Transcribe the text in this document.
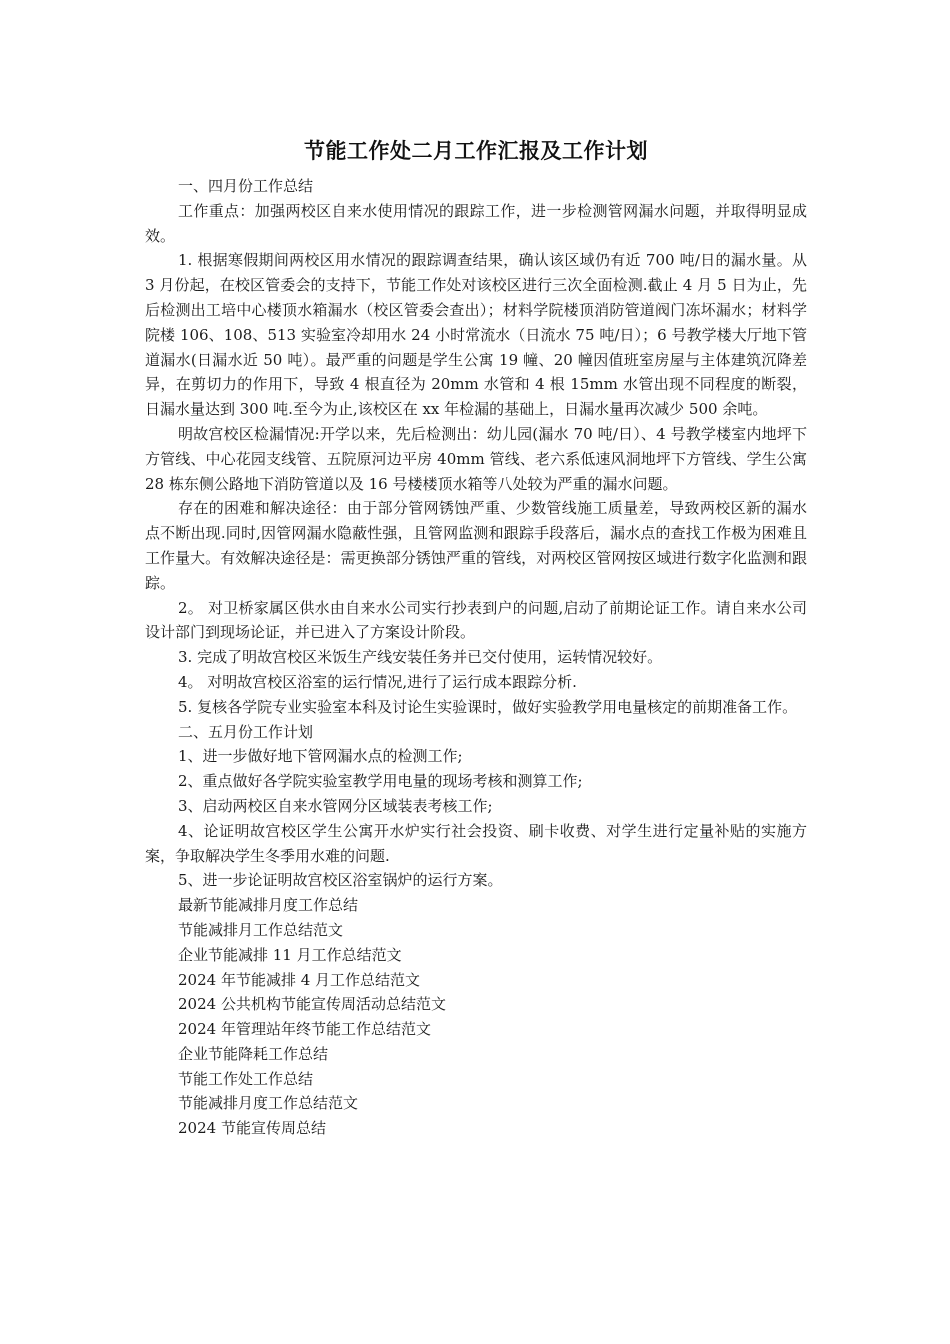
节能工作处二月工作汇报及工作计划

一、四月份工作总结

工作重点：加强两校区自来水使用情况的跟踪工作，进一步检测管网漏水问题，并取得明显成效。

1. 根据寒假期间两校区用水情况的跟踪调查结果，确认该区域仍有近 700 吨/日的漏水量。从 3 月份起，在校区管委会的支持下，节能工作处对该校区进行三次全面检测.截止 4 月 5 日为止，先后检测出工培中心楼顶水箱漏水（校区管委会查出）；材料学院楼顶消防管道阀门冻坏漏水；材料学院楼 106、108、513 实验室冷却用水 24 小时常流水（日流水 75 吨/日）；6 号教学楼大厅地下管道漏水(日漏水近 50 吨）。最严重的问题是学生公寓 19 幢、20 幢因值班室房屋与主体建筑沉降差异，在剪切力的作用下，导致 4 根直径为 20mm 水管和 4 根 15mm 水管出现不同程度的断裂，日漏水量达到 300 吨.至今为止,该校区在 xx 年检漏的基础上，日漏水量再次减少 500 余吨。

明故宫校区检漏情况:开学以来，先后检测出：幼儿园(漏水 70 吨/日）、4 号教学楼室内地坪下方管线、中心花园支线管、五院原河边平房 40mm 管线、老六系低速风洞地坪下方管线、学生公寓 28 栋东侧公路地下消防管道以及 16 号楼楼顶水箱等八处较为严重的漏水问题。

存在的困难和解决途径：由于部分管网锈蚀严重、少数管线施工质量差，导致两校区新的漏水点不断出现.同时,因管网漏水隐蔽性强，且管网监测和跟踪手段落后，漏水点的查找工作极为困难且工作量大。有效解决途径是：需更换部分锈蚀严重的管线，对两校区管网按区域进行数字化监测和跟踪。

2。 对卫桥家属区供水由自来水公司实行抄表到户的问题,启动了前期论证工作。请自来水公司设计部门到现场论证，并已进入了方案设计阶段。

3. 完成了明故宫校区米饭生产线安装任务并已交付使用，运转情况较好。

4。 对明故宫校区浴室的运行情况,进行了运行成本跟踪分析.

5. 复核各学院专业实验室本科及讨论生实验课时，做好实验教学用电量核定的前期准备工作。

二、五月份工作计划

1、进一步做好地下管网漏水点的检测工作;

2、重点做好各学院实验室教学用电量的现场考核和测算工作;

3、启动两校区自来水管网分区域装表考核工作;

4、论证明故宫校区学生公寓开水炉实行社会投资、刷卡收费、对学生进行定量补贴的实施方案，争取解决学生冬季用水难的问题.

5、进一步论证明故宫校区浴室锅炉的运行方案。

最新节能减排月度工作总结

节能减排月工作总结范文

企业节能减排 11 月工作总结范文

2024 年节能减排 4 月工作总结范文

2024 公共机构节能宣传周活动总结范文

2024 年管理站年终节能工作总结范文

企业节能降耗工作总结

节能工作处工作总结

节能减排月度工作总结范文

2024 节能宣传周总结
